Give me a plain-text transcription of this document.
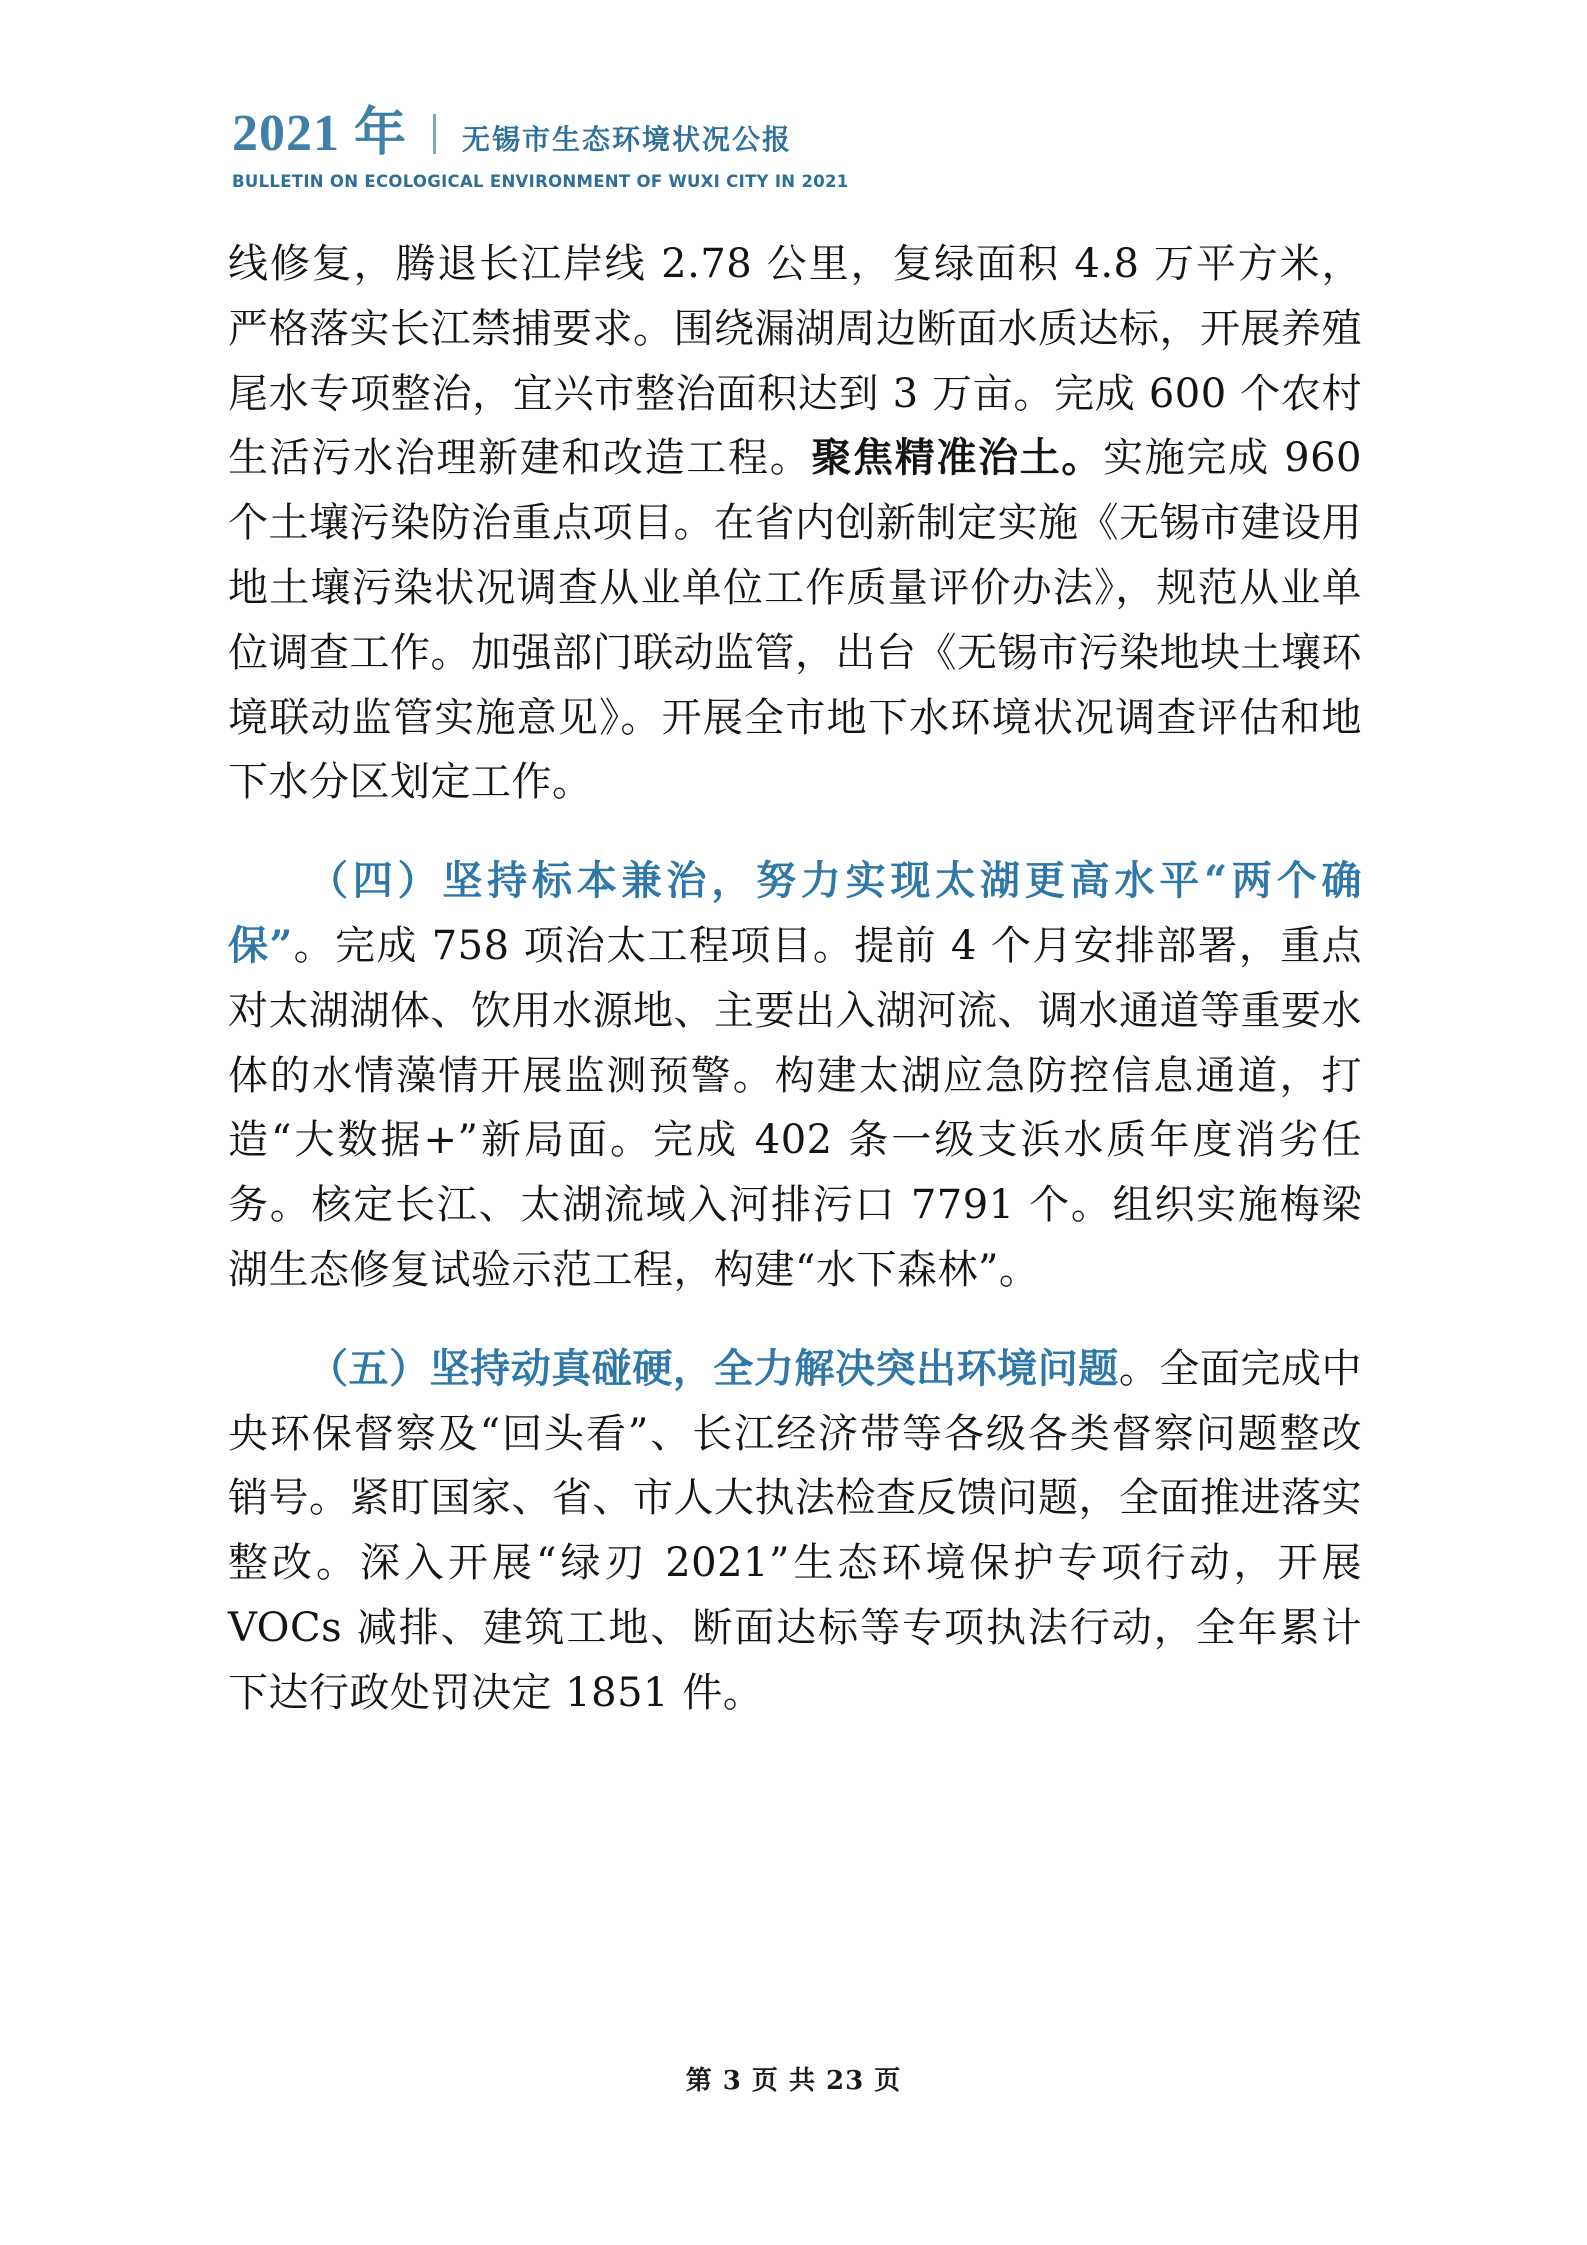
2021 年 无锡市生态环境状况公报
BULLETIN ON ECOLOGICAL ENVIRONMENT OF WUXI CITY IN 2021

线修复，腾退长江岸线 2.78 公里，复绿面积 4.8 万平方米，严格落实长江禁捕要求。围绕漏湖周边断面水质达标，开展养殖尾水专项整治，宜兴市整治面积达到 3 万亩。完成 600 个农村生活污水治理新建和改造工程。聚焦精准治土。实施完成 960 个土壤污染防治重点项目。在省内创新制定实施《无锡市建设用地土壤污染状况调查从业单位工作质量评价办法》，规范从业单位调查工作。加强部门联动监管，出台《无锡市污染地块土壤环境联动监管实施意见》。开展全市地下水环境状况调查评估和地下水分区划定工作。

（四）坚持标本兼治，努力实现太湖更高水平“两个确保”。完成 758 项治太工程项目。提前 4 个月安排部署，重点对太湖湖体、饮用水源地、主要出入湖河流、调水通道等重要水体的水情藻情开展监测预警。构建太湖应急防控信息通道，打造“大数据+”新局面。完成 402 条一级支浜水质年度消劣任务。核定长江、太湖流域入河排污口 7791 个。组织实施梅梁湖生态修复试验示范工程，构建“水下森林”。

（五）坚持动真碰硬，全力解决突出环境问题。全面完成中央环保督察及“回头看”、长江经济带等各级各类督察问题整改销号。紧盯国家、省、市人大执法检查反馈问题，全面推进落实整改。深入开展“绿刃 2021”生态环境保护专项行动，开展 VOCs 减排、建筑工地、断面达标等专项执法行动，全年累计下达行政处罚决定 1851 件。

第 3 页 共 23 页
